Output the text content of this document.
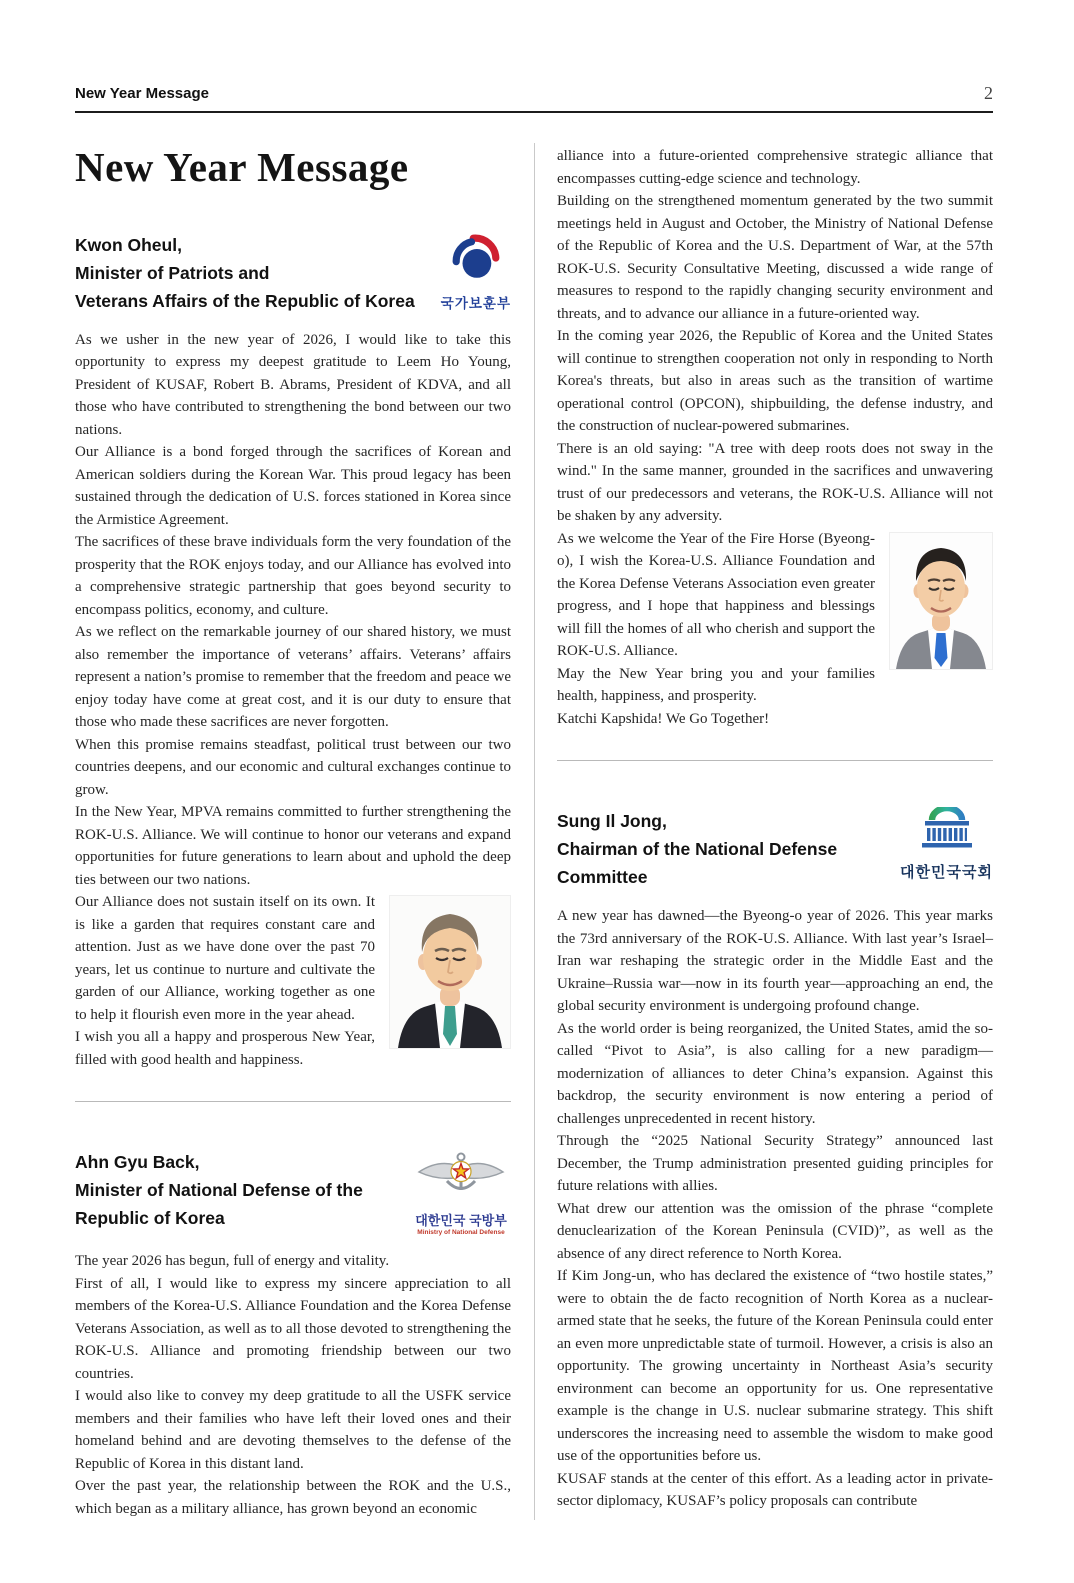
New Year Message	2
New Year Message
Kwon Oheul,
Minister of Patriots and
Veterans Affairs of the Republic of Korea 국가보훈부

As we usher in the new year of 2026, I would like to take this opportunity to express my deepest gratitude to Leem Ho Young, President of KUSAF, Robert B. Abrams, President of KDVA, and all those who have contributed to strengthening the bond between our two nations.

Our Alliance is a bond forged through the sacrifices of Korean and American soldiers during the Korean War. This proud legacy has been sustained through the dedication of U.S. forces stationed in Korea since the Armistice Agreement.

The sacrifices of these brave individuals form the very foundation of the prosperity that the ROK enjoys today, and our Alliance has evolved into a comprehensive strategic partnership that goes beyond security to encompass politics, economy, and culture.

As we reflect on the remarkable journey of our shared history, we must also remember the importance of veterans’ affairs. Veterans’ affairs represent a nation’s promise to remember that the freedom and peace we enjoy today have come at great cost, and it is our duty to ensure that those who made these sacrifices are never forgotten.

When this promise remains steadfast, political trust between our two countries deepens, and our economic and cultural exchanges continue to grow.

In the New Year, MPVA remains committed to further strengthening the ROK-U.S. Alliance. We will continue to honor our veterans and expand opportunities for future generations to learn about and uphold the deep ties between our two nations.

Our Alliance does not sustain itself on its own. It is like a garden that requires constant care and attention. Just as we have done over the past 70 years, let us continue to nurture and cultivate the garden of our Alliance, working together as one to help it flourish even more in the year ahead.

I wish you all a happy and prosperous New Year, filled with good health and happiness.

Ahn Gyu Back,
Minister of National Defense of the
Republic of Korea	대한민국 국방부
Ministry of National Defense

The year 2026 has begun, full of energy and vitality.

First of all, I would like to express my sincere appreciation to all members of the Korea-U.S. Alliance Foundation and the Korea Defense Veterans Association, as well as to all those devoted to strengthening the ROK-U.S. Alliance and promoting friendship between our two countries.

I would also like to convey my deep gratitude to all the USFK service members and their families who have left their loved ones and their homeland behind and are devoting themselves to the defense of the Republic of Korea in this distant land.

Over the past year, the relationship between the ROK and the U.S., which began as a military alliance, has grown beyond an economic

alliance into a future-oriented comprehensive strategic alliance that encompasses cutting-edge science and technology.

Building on the strengthened momentum generated by the two summit meetings held in August and October, the Ministry of National Defense of the Republic of Korea and the U.S. Department of War, at the 57th ROK-U.S. Security Consultative Meeting, discussed a wide range of measures to respond to the rapidly changing security environment and threats, and to advance our alliance in a future-oriented way.

In the coming year 2026, the Republic of Korea and the United States will continue to strengthen cooperation not only in responding to North Korea's threats, but also in areas such as the transition of wartime operational control (OPCON), shipbuilding, the defense industry, and the construction of nuclear-powered submarines.

There is an old saying: "A tree with deep roots does not sway in the wind." In the same manner, grounded in the sacrifices and unwavering trust of our predecessors and veterans, the ROK-U.S. Alliance will not be shaken by any adversity.

As we welcome the Year of the Fire Horse (Byeong-o), I wish the Korea-U.S. Alliance Foundation and the Korea Defense Veterans Association even greater progress, and I hope that happiness and blessings will fill the homes of all who cherish and support the ROK-U.S. Alliance.

May the New Year bring you and your families health, happiness, and prosperity.

Katchi Kapshida! We Go Together!

Sung Il Jong,
Chairman of the National Defense Committee	대한민국국회

A new year has dawned—the Byeong-o year of 2026. This year marks the 73rd anniversary of the ROK-U.S. Alliance. With last year’s Israel–Iran war reshaping the strategic order in the Middle East and the Ukraine–Russia war—now in its fourth year—approaching an end, the global security environment is undergoing profound change.

As the world order is being reorganized, the United States, amid the so-called “Pivot to Asia”, is also calling for a new paradigm—modernization of alliances to deter China’s expansion. Against this backdrop, the security environment is now entering a period of challenges unprecedented in recent history.

Through the “2025 National Security Strategy” announced last December, the Trump administration presented guiding principles for future relations with allies.

What drew our attention was the omission of the phrase “complete denuclearization of the Korean Peninsula (CVID)”, as well as the absence of any direct reference to North Korea.

If Kim Jong-un, who has declared the existence of “two hostile states,” were to obtain the de facto recognition of North Korea as a nuclear-armed state that he seeks, the future of the Korean Peninsula could enter an even more unpredictable state of turmoil. However, a crisis is also an opportunity. The growing uncertainty in Northeast Asia’s security environment can become an opportunity for us. One representative example is the change in U.S. nuclear submarine strategy. This shift underscores the increasing need to assemble the wisdom to make good use of the opportunities before us.

KUSAF stands at the center of this effort. As a leading actor in private-sector diplomacy, KUSAF’s policy proposals can contribute
